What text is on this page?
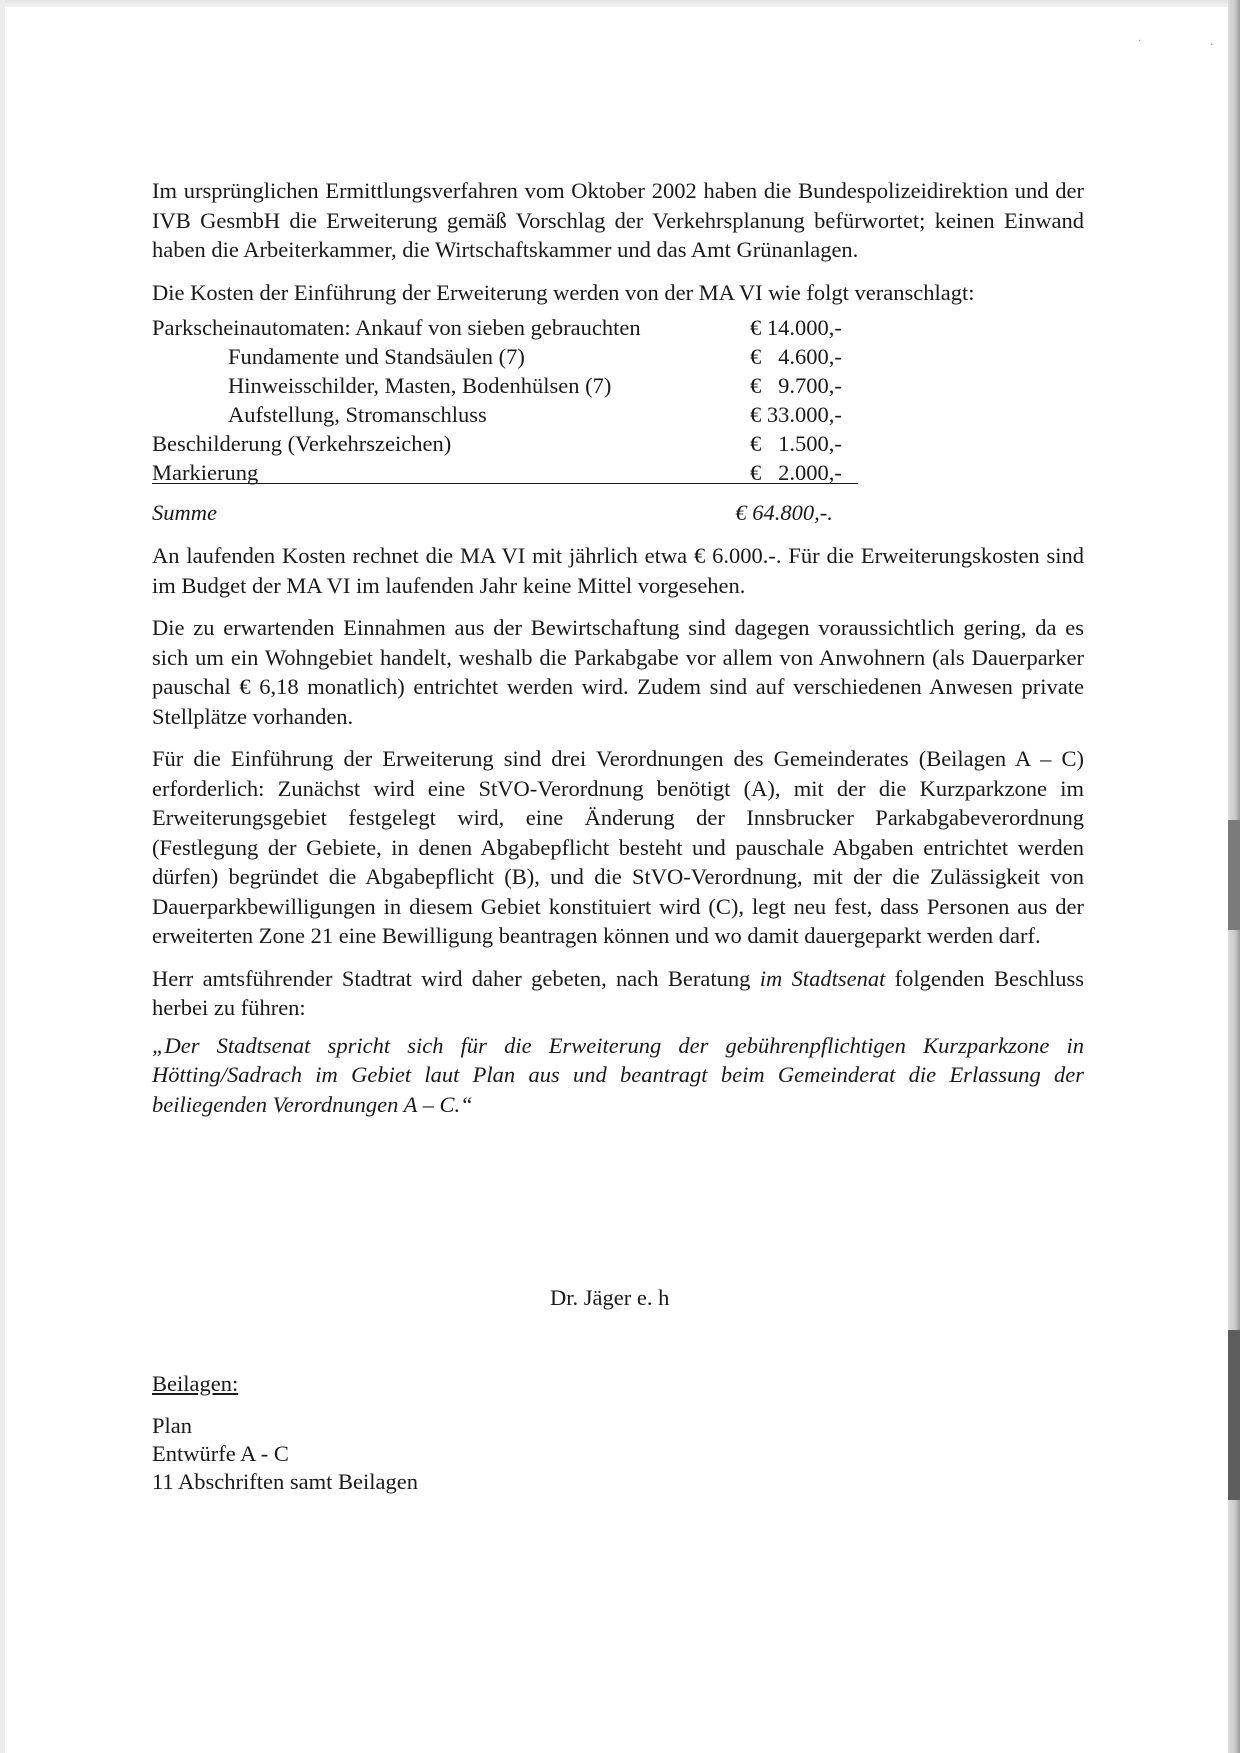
·	·

Im ursprünglichen Ermittlungsverfahren vom Oktober 2002 haben die Bundespolizeidirektion und der IVB GesmbH die Erweiterung gemäß Vorschlag der Verkehrsplanung befürwortet; keinen Einwand haben die Arbeiterkammer, die Wirtschaftskammer und das Amt Grünanlagen.

Die Kosten der Einführung der Erweiterung werden von der MA VI wie folgt veranschlagt:

Parkscheinautomaten: Ankauf von sieben gebrauchten	€ 14.000,-
Fundamente und Standsäulen (7)	€   4.600,-
Hinweisschilder, Masten, Bodenhülsen (7)	€   9.700,-
Aufstellung, Stromanschluss	€ 33.000,-
Beschilderung (Verkehrszeichen)	€   1.500,-
Markierung	€   2.000,-
Summe	€ 64.800,-.

An laufenden Kosten rechnet die MA VI mit jährlich etwa € 6.000.-. Für die Erweiterungskosten sind im Budget der MA VI im laufenden Jahr keine Mittel vorgesehen.

Die zu erwartenden Einnahmen aus der Bewirtschaftung sind dagegen voraussichtlich gering, da es sich um ein Wohngebiet handelt, weshalb die Parkabgabe vor allem von Anwohnern (als Dauerparker pauschal € 6,18 monatlich) entrichtet werden wird. Zudem sind auf verschiedenen Anwesen private Stellplätze vorhanden.

Für die Einführung der Erweiterung sind drei Verordnungen des Gemeinderates (Beilagen A – C) erforderlich: Zunächst wird eine StVO-Verordnung benötigt (A), mit der die Kurzparkzone im Erweiterungsgebiet festgelegt wird, eine Änderung der Innsbrucker Parkabgabeverordnung (Festlegung der Gebiete, in denen Abgabepflicht besteht und pauschale Abgaben entrichtet werden dürfen) begründet die Abgabepflicht (B), und die StVO-Verordnung, mit der die Zulässigkeit von Dauerparkbewilligungen in diesem Gebiet konstituiert wird (C), legt neu fest, dass Personen aus der erweiterten Zone 21 eine Bewilligung beantragen können und wo damit dauergeparkt werden darf.

Herr amtsführender Stadtrat wird daher gebeten, nach Beratung im Stadtsenat folgenden Beschluss herbei zu führen:

„Der Stadtsenat spricht sich für die Erweiterung der gebührenpflichtigen Kurzparkzone in Hötting/Sadrach im Gebiet laut Plan aus und beantragt beim Gemeinderat die Erlassung der beiliegenden Verordnungen A – C.“
Dr. Jäger e. h
Beilagen:
Plan
Entwürfe A - C
11 Abschriften samt Beilagen
